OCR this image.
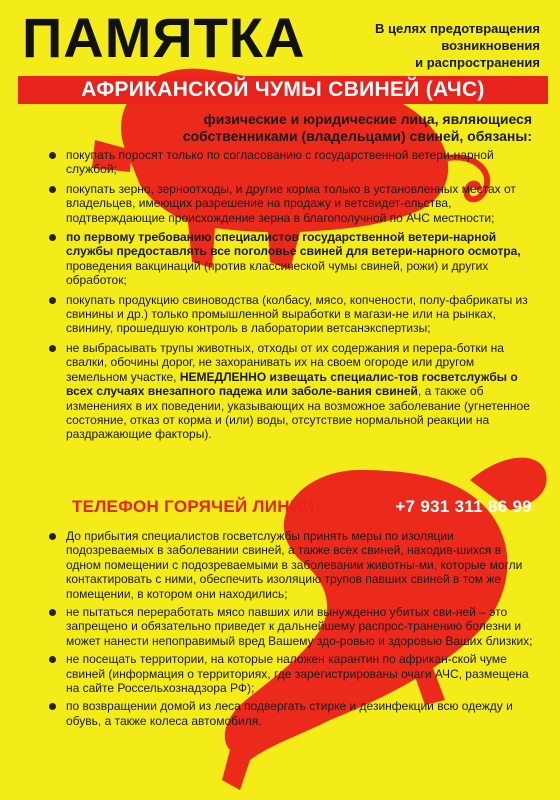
ПАМЯТКА	В целях предотвращения
возникновения
и распространения
АФРИКАНСКОЙ ЧУМЫ СВИНЕЙ (АЧС)
физические и юридические лица, являющиеся
собственниками (владельцами) свиней, обязаны:
покупать поросят только по согласованию с государственной ветери-нарной службой;
покупать зерно, зерноотходы, и другие корма только в установленных местах от владельцев, имеющих разрешение на продажу и ветсвидет-ельства, подтверждающие происхождение зерна в благополучной по АЧС местности;
по первому требованию специалистов государственной ветери-нарной службы предоставлять все поголовье свиней для ветери-нарного осмотра, проведения вакцинаций (против классической чумы свиней, рожи) и других обработок;
покупать продукцию свиноводства (колбасу, мясо, копчености, полу-фабрикаты из свинины и др.) только промышленной выработки в магази-не или на рынках, свинину, прошедшую контроль в лаборатории ветсанэкспертизы;
не выбрасывать трупы животных, отходы от их содержания и перера-ботки на свалки, обочины дорог, не захоранивать их на своем огороде или другом земельном участке, НЕМЕДЛЕННО извещать специалис-тов госветслужбы о всех случаях внезапного падежа или заболе-вания свиней, а также об изменениях в их поведении, указывающих на возможное заболевание (угнетенное состояние, отказ от корма и (или) воды, отсутствие нормальной реакции на раздражающие факторы).
ТЕЛЕФОН ГОРЯЧЕЙ ЛИНИИ:	+7 931 311 86 99
До прибытия специалистов госветслужбы принять меры по изоляции подозреваемых в заболевании свиней, а также всех свиней, находив-шихся в одном помещении с подозреваемыми в заболевании животны-ми, которые могли контактировать с ними, обеспечить изоляцию трупов павших свиней в том же помещении, в котором они находились;
не пытаться переработать мясо павших или вынужденно убитых сви-ней – это запрещено и обязательно приведет к дальнейшему распрос-транению болезни и может нанести непоправимый вред Вашему здо-ровью и здоровью Ваших близких;
не посещать территории, на которые наложен карантин по африкан-ской чуме свиней (информация о территориях, где зарегистрированы очаги АЧС, размещена на сайте Россельхознадзора РФ);
по возвращении домой из леса подвергать стирке и дезинфекции всю одежду и обувь, а также колеса автомобиля.
